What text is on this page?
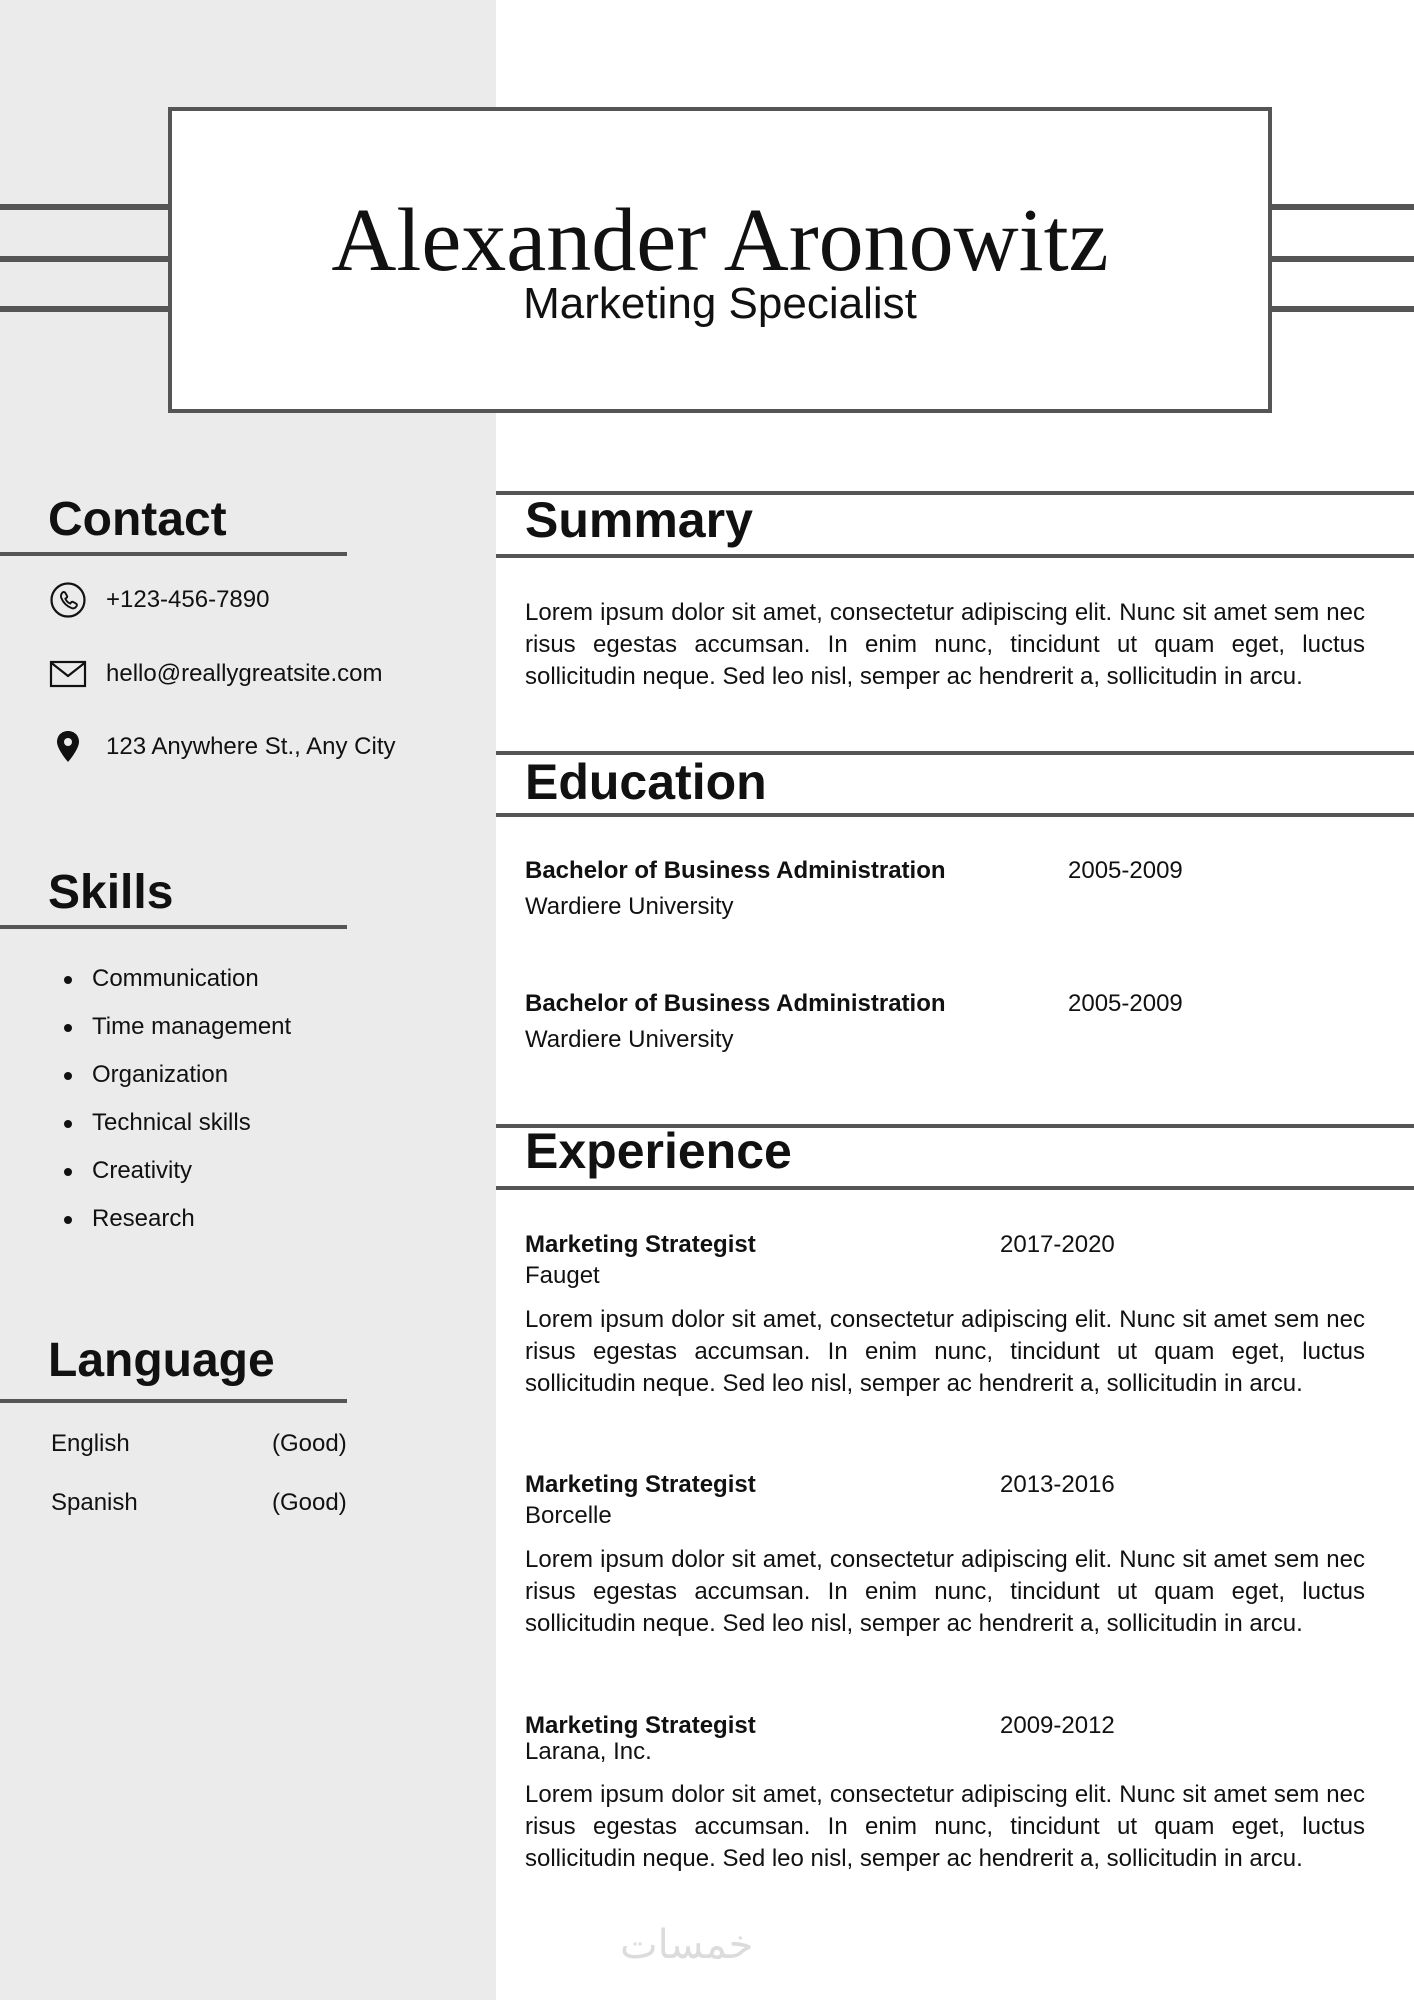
Alexander Aronowitz
Marketing Specialist
Contact
+123-456-7890
hello@reallygreatsite.com
123 Anywhere St., Any City
Skills
Communication
Time management
Organization
Technical skills
Creativity
Research
Language
English	(Good)
Spanish	(Good)
Summary

Lorem ipsum dolor sit amet, consectetur adipiscing elit. Nunc sit amet sem nec risus egestas accumsan. In enim nunc, tincidunt ut quam eget, luctus sollicitudin neque. Sed leo nisl, semper ac hendrerit a, sollicitudin in arcu.

Education
Bachelor of Business Administration	2005-2009
Wardiere University
Bachelor of Business Administration	2005-2009
Wardiere University
Experience
Marketing Strategist	2017-2020
Fauget

Lorem ipsum dolor sit amet, consectetur adipiscing elit. Nunc sit amet sem nec risus egestas accumsan. In enim nunc, tincidunt ut quam eget, luctus sollicitudin neque. Sed leo nisl, semper ac hendrerit a, sollicitudin in arcu.

Marketing Strategist	2013-2016
Borcelle

Lorem ipsum dolor sit amet, consectetur adipiscing elit. Nunc sit amet sem nec risus egestas accumsan. In enim nunc, tincidunt ut quam eget, luctus sollicitudin neque. Sed leo nisl, semper ac hendrerit a, sollicitudin in arcu.

Marketing Strategist	2009-2012
Larana, Inc.

Lorem ipsum dolor sit amet, consectetur adipiscing elit. Nunc sit amet sem nec risus egestas accumsan. In enim nunc, tincidunt ut quam eget, luctus sollicitudin neque. Sed leo nisl, semper ac hendrerit a, sollicitudin in arcu.

خمسات
